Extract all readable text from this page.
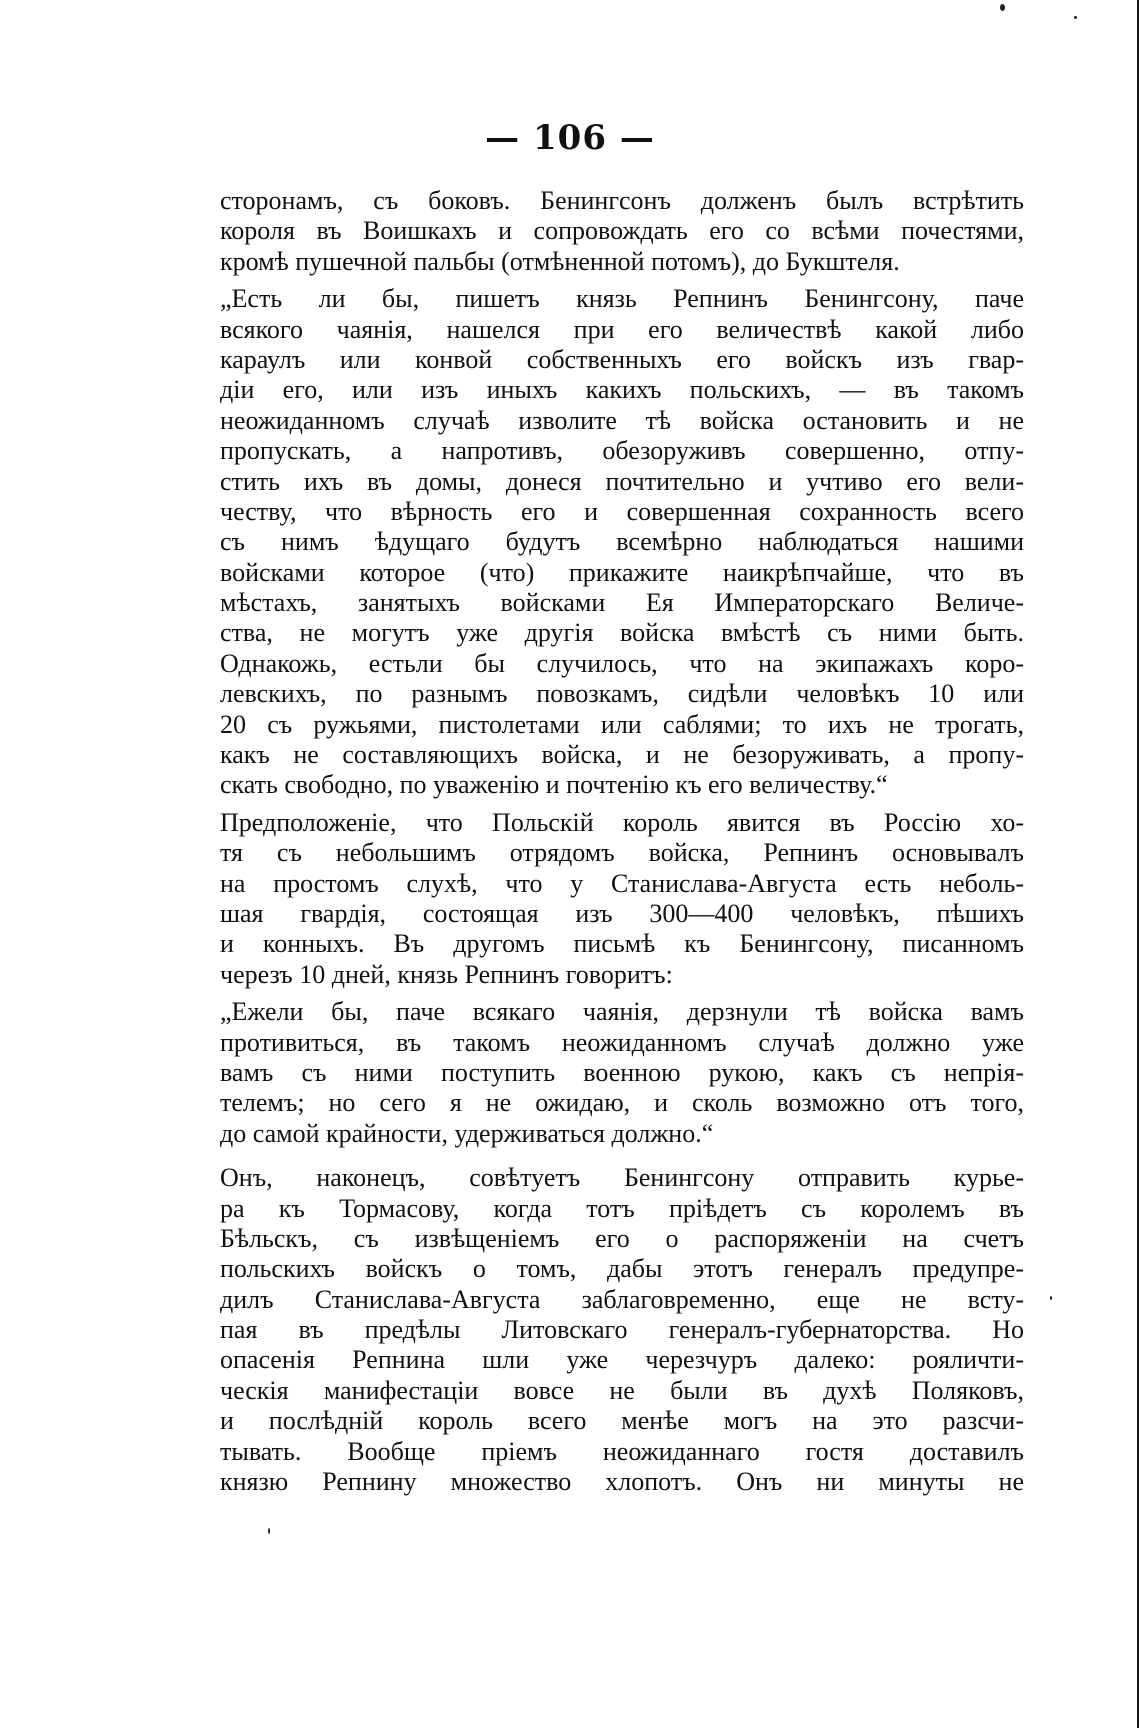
— 106 —
сторонамъ, съ боковъ. Бенингсонъ долженъ былъ встрѣтить
короля въ Воишкахъ и сопровождать его со всѣми почестями,
кромѣ пушечной пальбы (отмѣненной потомъ), до Букштеля.
„Есть ли бы, пишетъ князь Репнинъ Бенингсону, паче
всякого чаянія, нашелся при его величествѣ какой либо
караулъ или конвой собственныхъ его войскъ изъ гвар-
діи его, или изъ иныхъ какихъ польскихъ, — въ такомъ
неожиданномъ случаѣ изволите тѣ войска остановить и не
пропускать, а напротивъ, обезоруживъ совершенно, отпу-
стить ихъ въ домы, донеся почтительно и учтиво его вели-
честву, что вѣрность его и совершенная сохранность всего
съ нимъ ѣдущаго будутъ всемѣрно наблюдаться нашими
войсками которое (что) прикажите наикрѣпчайше, что въ
мѣстахъ, занятыхъ войсками Ея Императорскаго Величе-
ства, не могутъ уже другія войска вмѣстѣ съ ними быть.
Однакожь, естьли бы случилось, что на экипажахъ коро-
левскихъ, по разнымъ повозкамъ, сидѣли человѣкъ 10 или
20 съ ружьями, пистолетами или саблями; то ихъ не трогать,
какъ не составляющихъ войска, и не безоруживать, а пропу-
скать свободно, по уваженію и почтенію къ его величеству.“
Предположеніе, что Польскій король явится въ Россію хо-
тя съ небольшимъ отрядомъ войска, Репнинъ основывалъ
на простомъ слухѣ, что у Станислава-Августа есть неболь-
шая гвардія, состоящая изъ 300—400 человѣкъ, пѣшихъ
и конныхъ. Въ другомъ письмѣ къ Бенингсону, писанномъ
черезъ 10 дней, князь Репнинъ говоритъ:
„Ежели бы, паче всякаго чаянія, дерзнули тѣ войска вамъ
противиться, въ такомъ неожиданномъ случаѣ должно уже
вамъ съ ними поступить военною рукою, какъ съ непрія-
телемъ; но сего я не ожидаю, и сколь возможно отъ того,
до самой крайности, удерживаться должно.“
Онъ, наконецъ, совѣтуетъ Бенингсону отправить курье-
ра къ Тормасову, когда тотъ пріѣдетъ съ королемъ въ
Бѣльскъ, съ извѣщеніемъ его о распоряженіи на счетъ
польскихъ войскъ о томъ, дабы этотъ генералъ предупре-
дилъ Станислава-Августа заблаговременно, еще не всту-
пая въ предѣлы Литовскаго генералъ-губернаторства. Но
опасенія Репнина шли уже черезчуръ далеко: рояличти-
ческія манифестаціи вовсе не были въ духѣ Поляковъ,
и послѣдній король всего менѣе могъ на это разсчи-
тывать. Вообще пріемъ неожиданнаго гостя доставилъ
князю Репнину множество хлопотъ. Онъ ни минуты не
